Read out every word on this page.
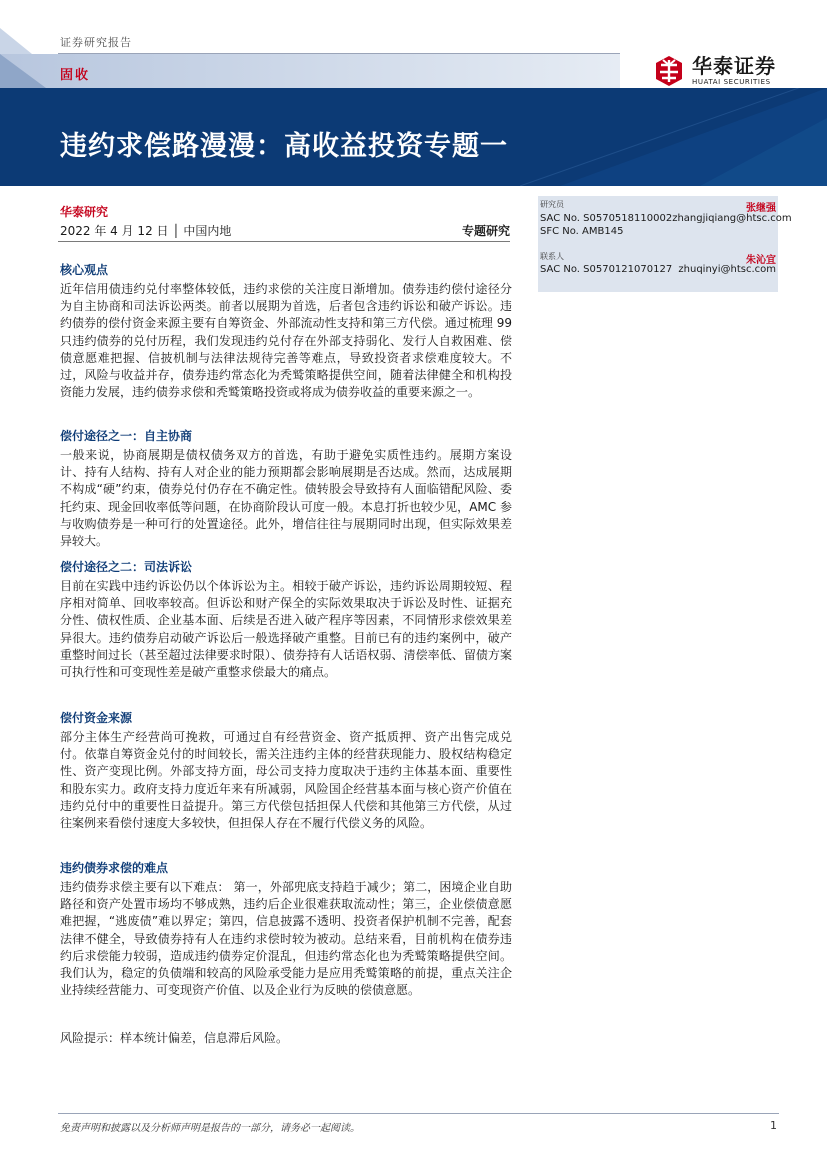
证券研究报告
固收	华泰证券
HUATAI SECURITIES
违约求偿路漫漫：高收益投资专题一
华泰研究
2022 年 4 月 12 日 │ 中国内地	专题研究
研究员	张继强
SAC No. S0570518110002 zhangjiqiang@htsc.com
SFC No. AMB145
联系人	朱沁宜
SAC No. S0570121070127 zhuqinyi@htsc.com
核心观点

近年信用债违约兑付率整体较低，违约求偿的关注度日渐增加。债券违约偿付途径分为自主协商和司法诉讼两类。前者以展期为首选，后者包含违约诉讼和破产诉讼。违约债券的偿付资金来源主要有自筹资金、外部流动性支持和第三方代偿。通过梳理 99 只违约债券的兑付历程，我们发现违约兑付存在外部支持弱化、发行人自救困难、偿债意愿难把握、信披机制与法律法规待完善等难点，导致投资者求偿难度较大。不过，风险与收益并存，债券违约常态化为秃鹫策略提供空间，随着法律健全和机构投资能力发展，违约债券求偿和秃鹫策略投资或将成为债券收益的重要来源之一。

偿付途径之一：自主协商

一般来说，协商展期是债权债务双方的首选，有助于避免实质性违约。展期方案设计、持有人结构、持有人对企业的能力预期都会影响展期是否达成。然而，达成展期不构成“硬”约束，债券兑付仍存在不确定性。债转股会导致持有人面临错配风险、委托约束、现金回收率低等问题，在协商阶段认可度一般。本息打折也较少见，AMC 参与收购债券是一种可行的处置途径。此外，增信往往与展期同时出现，但实际效果差异较大。

偿付途径之二：司法诉讼

目前在实践中违约诉讼仍以个体诉讼为主。相较于破产诉讼，违约诉讼周期较短、程序相对简单、回收率较高。但诉讼和财产保全的实际效果取决于诉讼及时性、证据充分性、债权性质、企业基本面、后续是否进入破产程序等因素，不同情形求偿效果差异很大。违约债券启动破产诉讼后一般选择破产重整。目前已有的违约案例中，破产重整时间过长（甚至超过法律要求时限）、债券持有人话语权弱、清偿率低、留债方案可执行性和可变现性差是破产重整求偿最大的痛点。

偿付资金来源

部分主体生产经营尚可挽救，可通过自有经营资金、资产抵质押、资产出售完成兑付。依靠自筹资金兑付的时间较长，需关注违约主体的经营获现能力、股权结构稳定性、资产变现比例。外部支持方面，母公司支持力度取决于违约主体基本面、重要性和股东实力。政府支持力度近年来有所减弱，风险国企经营基本面与核心资产价值在违约兑付中的重要性日益提升。第三方代偿包括担保人代偿和其他第三方代偿，从过往案例来看偿付速度大多较快，但担保人存在不履行代偿义务的风险。

违约债券求偿的难点

违约债券求偿主要有以下难点： 第一，外部兜底支持趋于减少；第二，困境企业自助路径和资产处置市场均不够成熟，违约后企业很难获取流动性；第三，企业偿债意愿难把握，“逃废债”难以界定；第四，信息披露不透明、投资者保护机制不完善，配套法律不健全，导致债券持有人在违约求偿时较为被动。总结来看，目前机构在债券违约后求偿能力较弱，造成违约债券定价混乱，但违约常态化也为秃鹫策略提供空间。我们认为，稳定的负债端和较高的风险承受能力是应用秃鹫策略的前提，重点关注企业持续经营能力、可变现资产价值、以及企业行为反映的偿债意愿。

风险提示：样本统计偏差，信息滞后风险。
免责声明和披露以及分析师声明是报告的一部分，请务必一起阅读。	1
